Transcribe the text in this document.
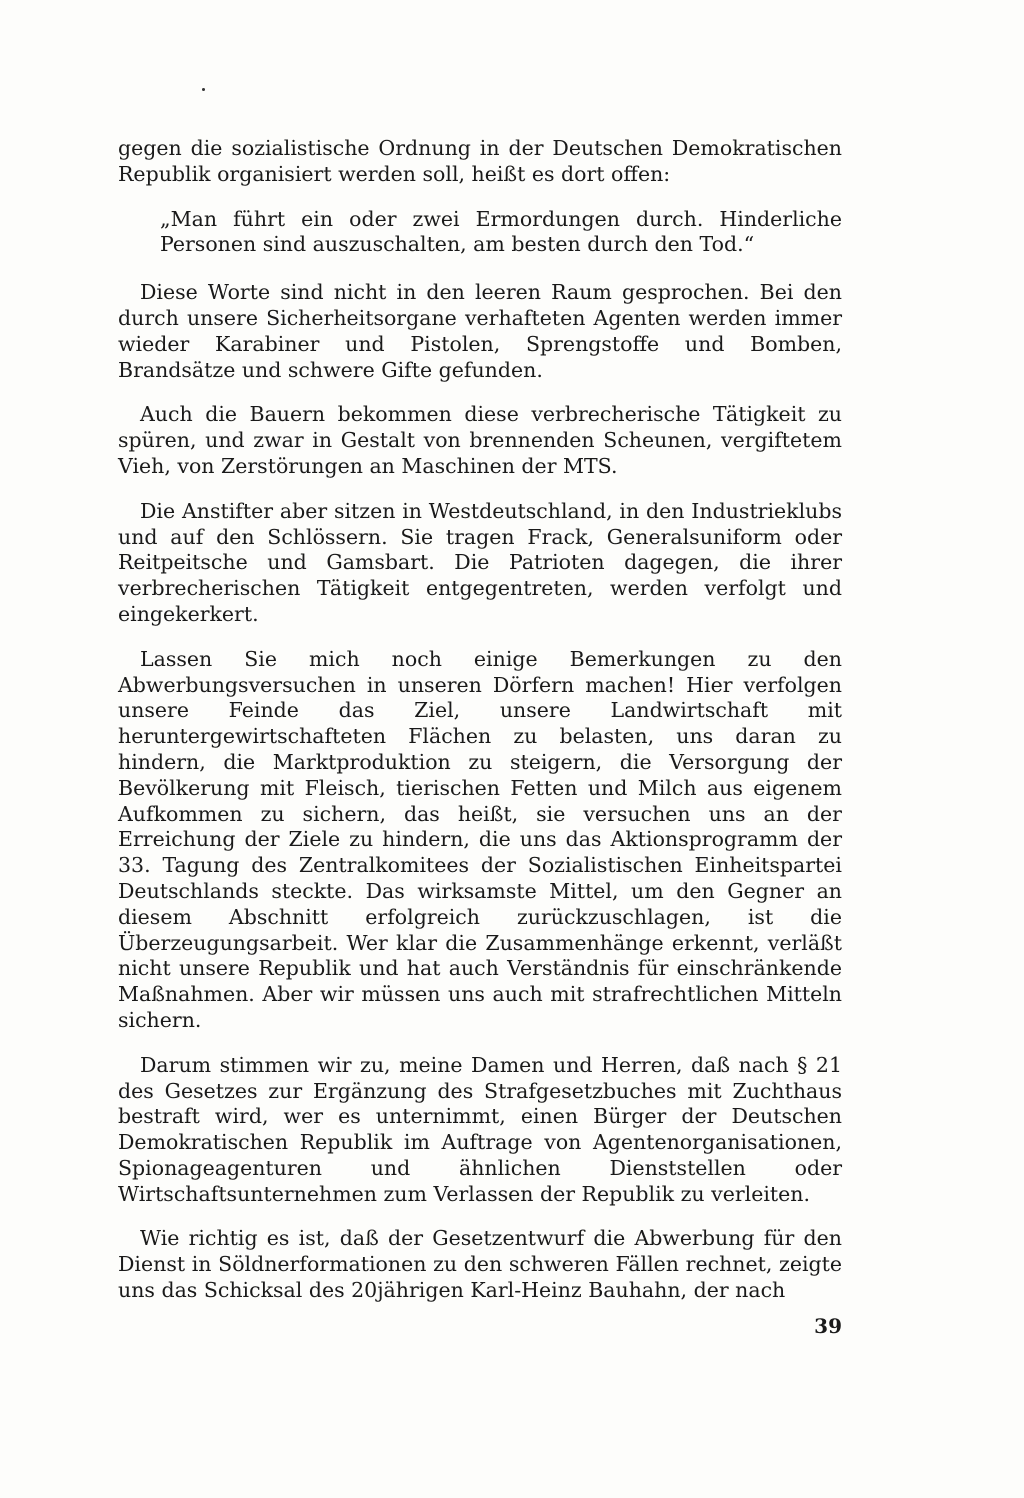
gegen die sozialistische Ordnung in der Deutschen Demokratischen Republik organisiert werden soll, heißt es dort offen:

„Man führt ein oder zwei Ermordungen durch. Hinderliche Personen sind auszuschalten, am besten durch den Tod.“

Diese Worte sind nicht in den leeren Raum gesprochen. Bei den durch unsere Sicherheitsorgane verhafteten Agenten werden immer wieder Karabiner und Pistolen, Sprengstoffe und Bomben, Brandsätze und schwere Gifte gefunden.

Auch die Bauern bekommen diese verbrecherische Tätigkeit zu spüren, und zwar in Gestalt von brennenden Scheunen, vergiftetem Vieh, von Zerstörungen an Maschinen der MTS.

Die Anstifter aber sitzen in Westdeutschland, in den Industrieklubs und auf den Schlössern. Sie tragen Frack, Generalsuniform oder Reitpeitsche und Gamsbart. Die Patrioten dagegen, die ihrer verbrecherischen Tätigkeit entgegentreten, werden verfolgt und eingekerkert.

Lassen Sie mich noch einige Bemerkungen zu den Abwerbungsversuchen in unseren Dörfern machen! Hier verfolgen unsere Feinde das Ziel, unsere Landwirtschaft mit heruntergewirtschafteten Flächen zu belasten, uns daran zu hindern, die Marktproduktion zu steigern, die Versorgung der Bevölkerung mit Fleisch, tierischen Fetten und Milch aus eigenem Aufkommen zu sichern, das heißt, sie versuchen uns an der Erreichung der Ziele zu hindern, die uns das Aktionsprogramm der 33. Tagung des Zentralkomitees der Sozialistischen Einheitspartei Deutschlands steckte. Das wirksamste Mittel, um den Gegner an diesem Abschnitt erfolgreich zurückzuschlagen, ist die Überzeugungsarbeit. Wer klar die Zusammenhänge erkennt, verläßt nicht unsere Republik und hat auch Verständnis für einschränkende Maßnahmen. Aber wir müssen uns auch mit strafrechtlichen Mitteln sichern.

Darum stimmen wir zu, meine Damen und Herren, daß nach § 21 des Gesetzes zur Ergänzung des Strafgesetzbuches mit Zuchthaus bestraft wird, wer es unternimmt, einen Bürger der Deutschen Demokratischen Republik im Auftrage von Agentenorganisationen, Spionageagenturen und ähnlichen Dienststellen oder Wirtschaftsunternehmen zum Verlassen der Republik zu verleiten.

Wie richtig es ist, daß der Gesetzentwurf die Abwerbung für den Dienst in Söldnerformationen zu den schweren Fällen rechnet, zeigte uns das Schicksal des 20jährigen Karl-Heinz Bauhahn, der nach

39
